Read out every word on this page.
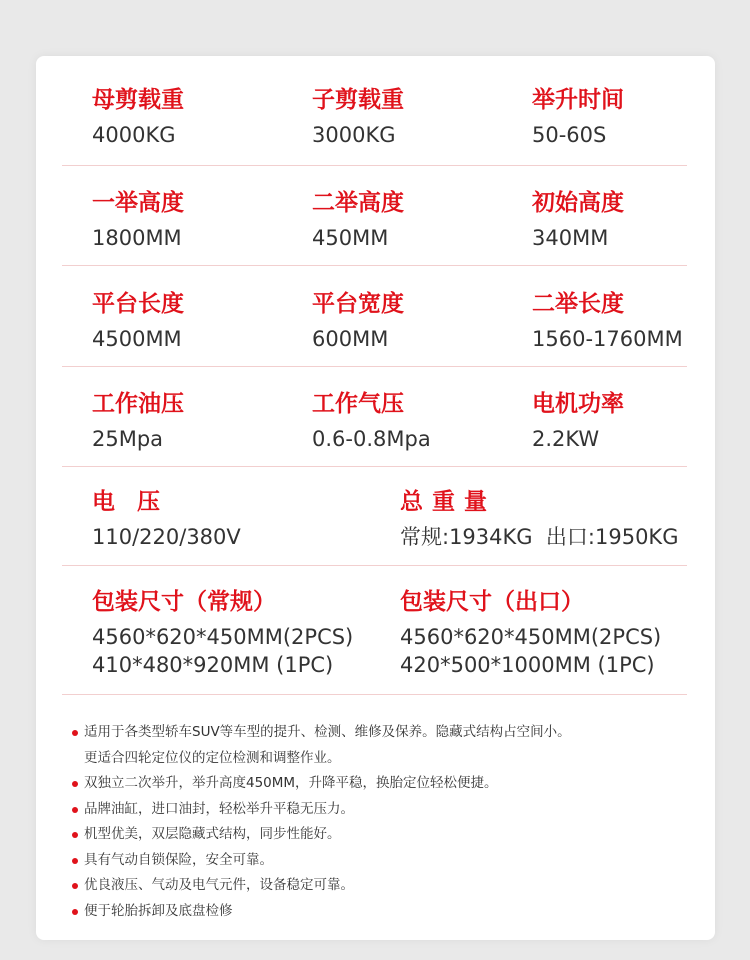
母剪载重
4000KG
子剪载重
3000KG
举升时间
50-60S
一举高度
1800MM
二举高度
450MM
初始高度
340MM
平台长度
4500MM
平台宽度
600MM
二举长度
1560-1760MM
工作油压
25Mpa
工作气压
0.6-0.8Mpa
电机功率
2.2KW
电压
110/220/380V
总重量
常规:1934KG  出口:1950KG
包装尺寸（常规）
4560*620*450MM(2PCS)
410*480*920MM (1PC)
包装尺寸（出口）
4560*620*450MM(2PCS)
420*500*1000MM (1PC)
适用于各类型轿车SUV等车型的提升、检测、维修及保养。隐藏式结构占空间小。
更适合四轮定位仪的定位检测和调整作业。
双独立二次举升，举升高度450MM，升降平稳，换胎定位轻松便捷。
品牌油缸，进口油封，轻松举升平稳无压力。
机型优美，双层隐藏式结构，同步性能好。
具有气动自锁保险，安全可靠。
优良液压、气动及电气元件，设备稳定可靠。
便于轮胎拆卸及底盘检修
